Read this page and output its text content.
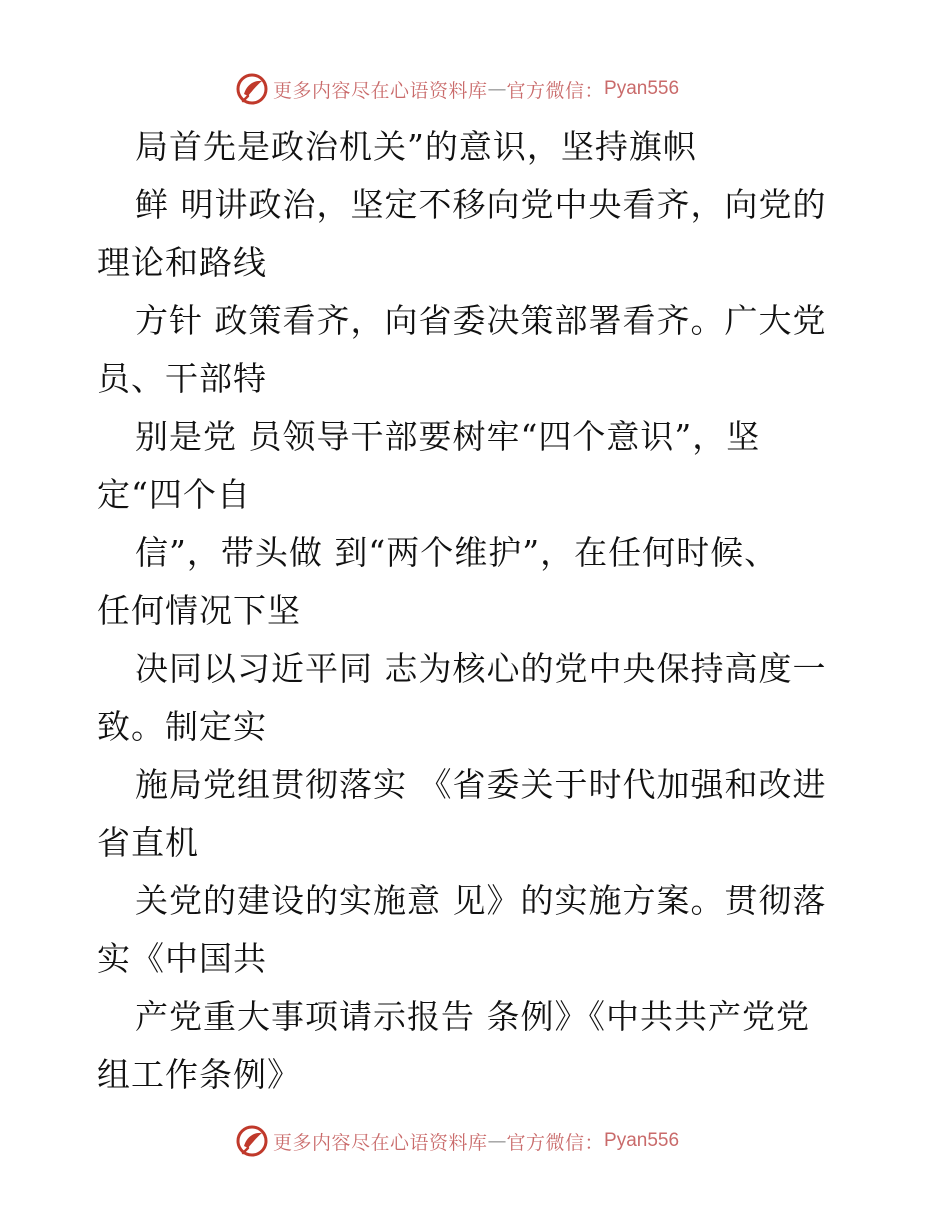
更多内容尽在心语资料库 — 官方微信： Pyan556
局首先是政治机关”的意识，坚持旗帜
鲜 明讲政治，坚定不移向党中央看齐，向党的
理论和路线
方针 政策看齐，向省委决策部署看齐。广大党
员、干部特
别是党 员领导干部要树牢“四个意识”，坚
定“四个自
信”，带头做 到“两个维护”，在任何时候、
任何情况下坚
决同以习近平同 志为核心的党中央保持高度一
致。制定实
施局党组贯彻落实 《省委关于时代加强和改进
省直机
关党的建设的实施意 见》的实施方案。贯彻落
实《中国共
产党重大事项请示报告 条例》《中共共产党党
组工作条例》
更多内容尽在心语资料库 — 官方微信： Pyan556
